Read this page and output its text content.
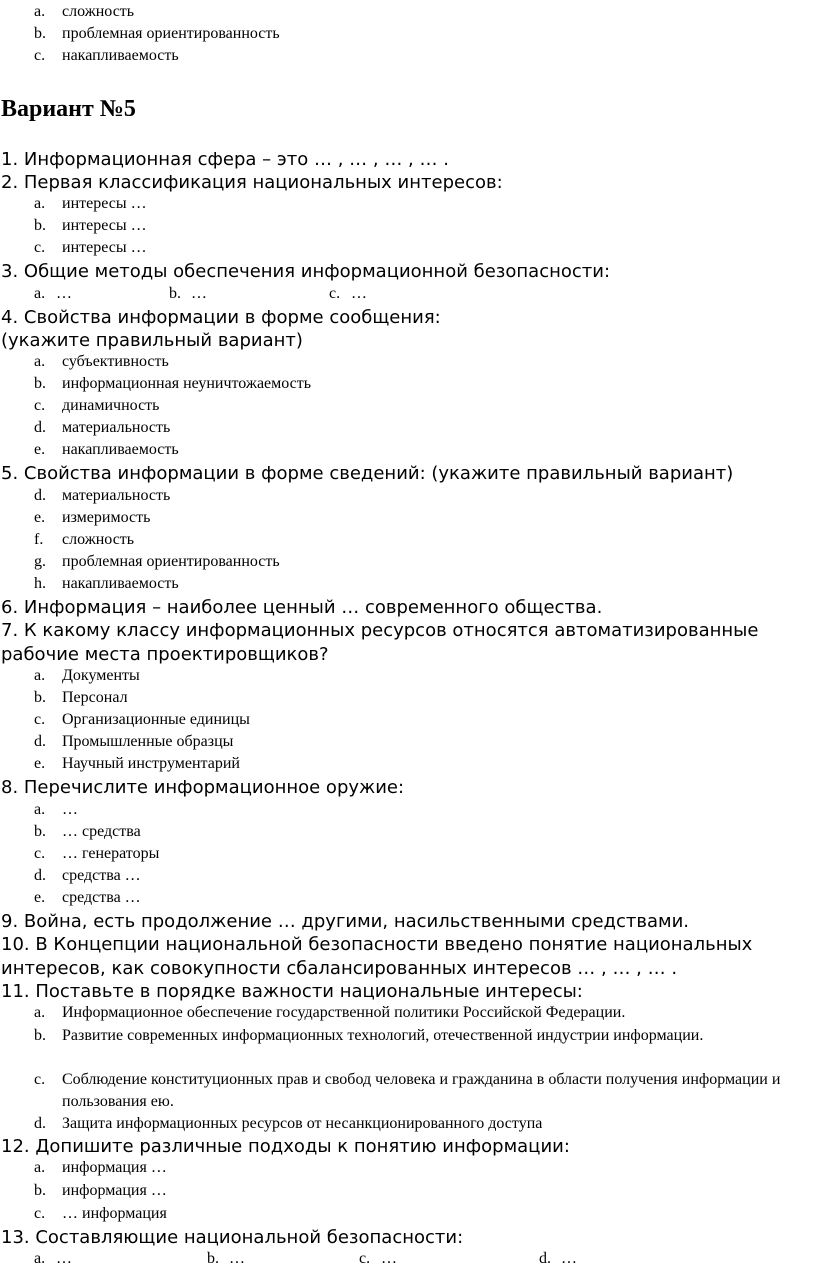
a. сложность
b. проблемная ориентированность
c. накапливаемость
Вариант №5
1. Информационная сфера – это … , … , … , … .
2. Первая классификация национальных интересов:
a. интересы …
b. интересы …
c. интересы …
3. Общие методы обеспечения информационной безопасности:
a. …	b. …	c. …
4. Свойства информации в форме сообщения:
(укажите правильный вариант)
a. субъективность
b. информационная неуничтожаемость
c. динамичность
d. материальность
e. накапливаемость
5. Свойства информации в форме сведений: (укажите правильный вариант)
d. материальность
e. измеримость
f. сложность
g. проблемная ориентированность
h. накапливаемость
6. Информация – наиболее ценный … современного общества.
7. К какому классу информационных ресурсов относятся автоматизированные рабочие места проектировщиков?
a. Документы
b. Персонал
c. Организационные единицы
d. Промышленные образцы
e. Научный инструментарий
8. Перечислите информационное оружие:
a. …
b. … средства
c. … генераторы
d. средства …
e. средства …
9. Война, есть продолжение … другими, насильственными средствами.
10. В Концепции национальной безопасности введено понятие национальных интересов, как совокупности сбалансированных интересов … , … , … .
11. Поставьте в порядке важности национальные интересы:
a. Информационное обеспечение государственной политики Российской Федерации.
b. Развитие современных информационных технологий, отечественной индустрии информации.
c. Соблюдение конституционных прав и свобод человека и гражданина в области получения информации и пользования ею.
d. Защита информационных ресурсов от несанкционированного доступа
12. Допишите различные подходы к понятию информации:
a. информация …
b. информация …
c. … информация
13. Составляющие национальной безопасности:
a. …	b. …	c. …	d. …
